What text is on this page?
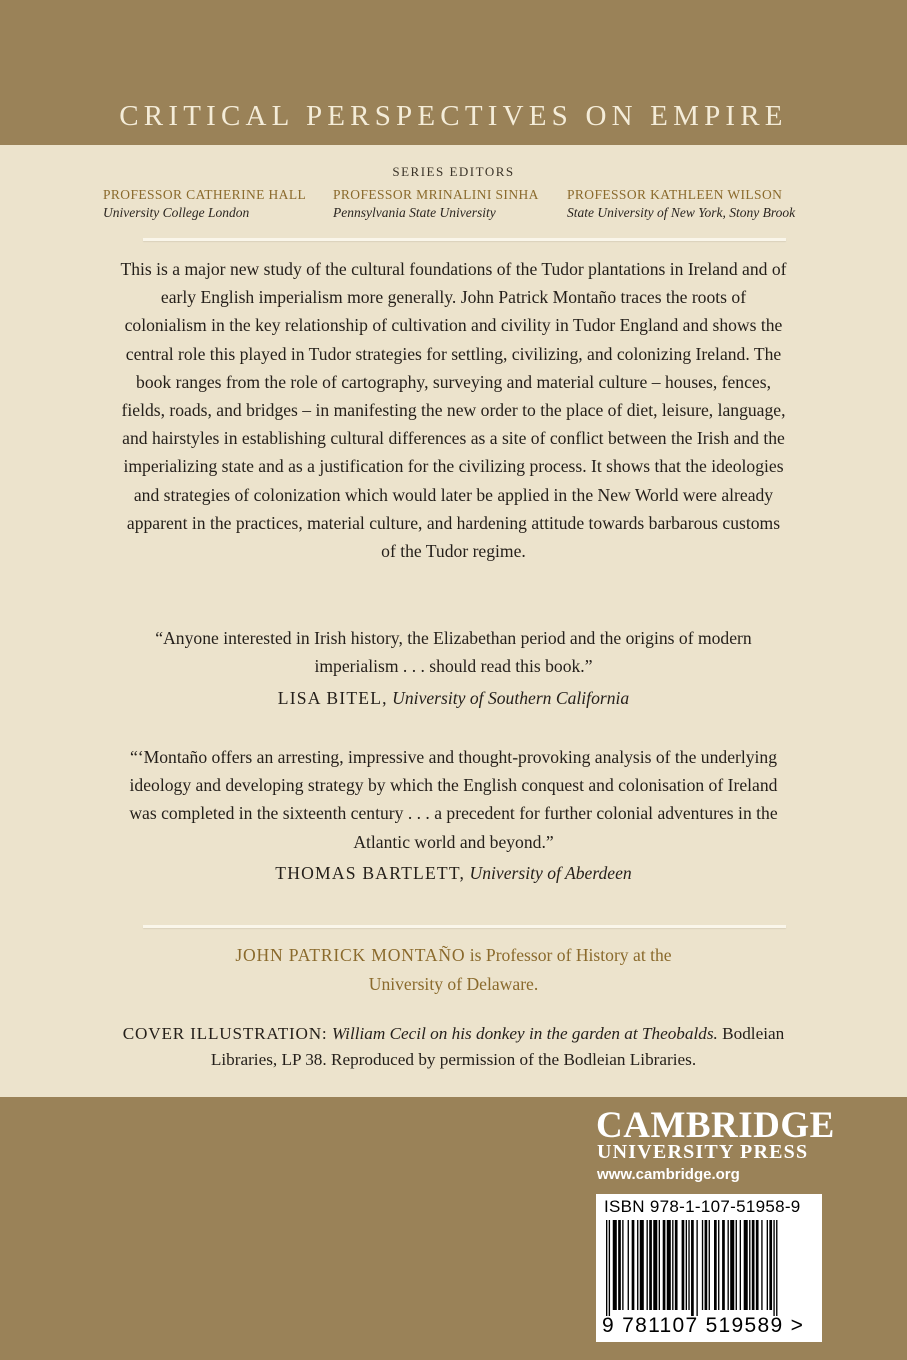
CRITICAL PERSPECTIVES ON EMPIRE
SERIES EDITORS
PROFESSOR CATHERINE HALL
University College London
PROFESSOR MRINALINI SINHA
Pennsylvania State University
PROFESSOR KATHLEEN WILSON
State University of New York, Stony Brook
This is a major new study of the cultural foundations of the Tudor plantations in Ireland and of early English imperialism more generally. John Patrick Montaño traces the roots of colonialism in the key relationship of cultivation and civility in Tudor England and shows the central role this played in Tudor strategies for settling, civilizing, and colonizing Ireland. The book ranges from the role of cartography, surveying and material culture – houses, fences, fields, roads, and bridges – in manifesting the new order to the place of diet, leisure, language, and hairstyles in establishing cultural differences as a site of conflict between the Irish and the imperializing state and as a justification for the civilizing process. It shows that the ideologies and strategies of colonization which would later be applied in the New World were already apparent in the practices, material culture, and hardening attitude towards barbarous customs of the Tudor regime.
“Anyone interested in Irish history, the Elizabethan period and the origins of modern imperialism . . . should read this book.”
LISA BITEL, University of Southern California
“‘Montaño offers an arresting, impressive and thought-provoking analysis of the underlying ideology and developing strategy by which the English conquest and colonisation of Ireland was completed in the sixteenth century . . . a precedent for further colonial adventures in the Atlantic world and beyond.”
THOMAS BARTLETT, University of Aberdeen
JOHN PATRICK MONTAÑO is Professor of History at the University of Delaware.
COVER ILLUSTRATION: William Cecil on his donkey in the garden at Theobalds. Bodleian Libraries, LP 38. Reproduced by permission of the Bodleian Libraries.
CAMBRIDGE
UNIVERSITY PRESS
www.cambridge.org
ISBN 978-1-107-51958-9
9 781107 519589 >
